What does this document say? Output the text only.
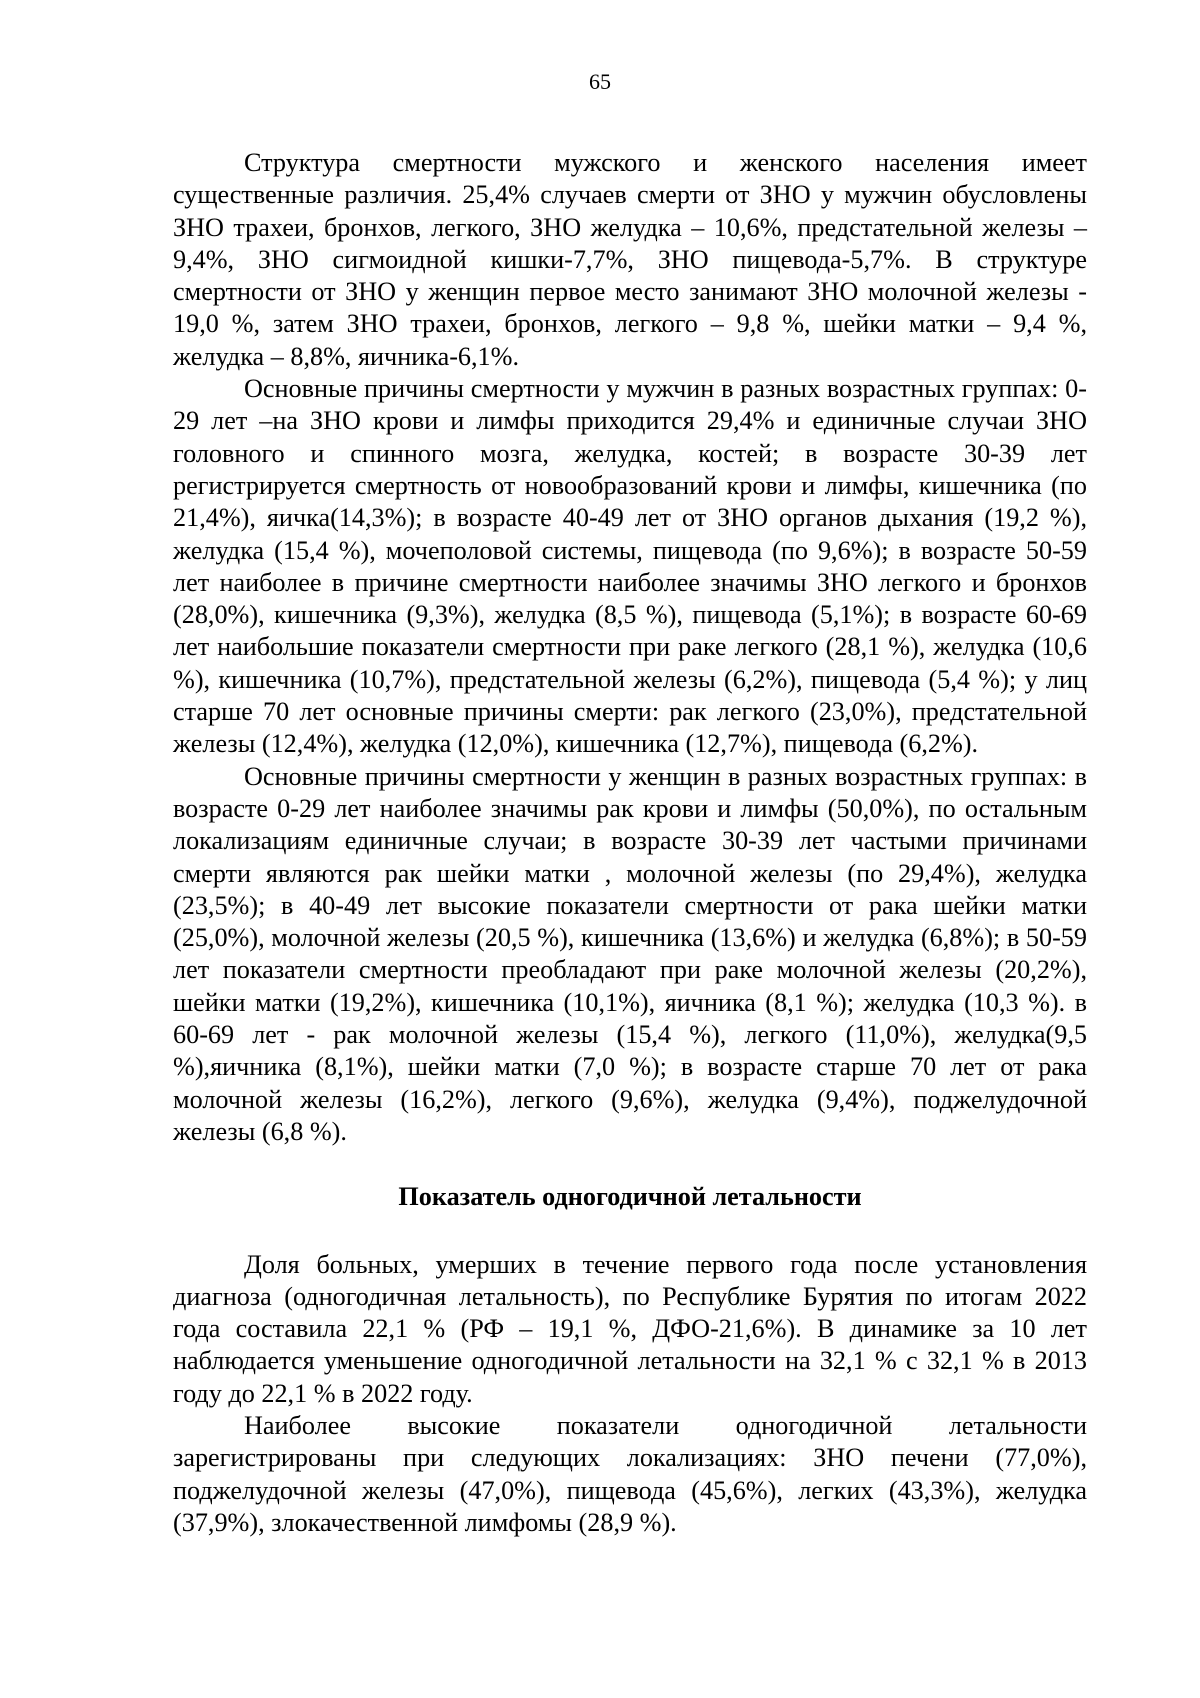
65

Структура смертности мужского и женского населения имеет существенные различия. 25,4% случаев смерти от ЗНО у мужчин обусловлены ЗНО трахеи, бронхов, легкого, ЗНО желудка – 10,6%, предстательной железы – 9,4%, ЗНО сигмоидной кишки-7,7%, ЗНО пищевода-5,7%. В структуре смертности от ЗНО у женщин первое место занимают ЗНО молочной железы - 19,0 %, затем ЗНО трахеи, бронхов, легкого – 9,8 %, шейки матки – 9,4 %, желудка – 8,8%, яичника-6,1%.

Основные причины смертности у мужчин в разных возрастных группах: 0-29 лет –на ЗНО крови и лимфы приходится 29,4% и единичные случаи ЗНО головного и спинного мозга, желудка, костей; в возрасте 30-39 лет регистрируется смертность от новообразований крови и лимфы, кишечника (по 21,4%), яичка(14,3%); в возрасте 40-49 лет от ЗНО органов дыхания (19,2 %), желудка (15,4 %), мочеполовой системы, пищевода (по 9,6%); в возрасте 50-59 лет наиболее в причине смертности наиболее значимы ЗНО легкого и бронхов (28,0%), кишечника (9,3%), желудка (8,5 %), пищевода (5,1%); в возрасте 60-69 лет наибольшие показатели смертности при раке легкого (28,1 %), желудка (10,6 %), кишечника (10,7%), предстательной железы (6,2%), пищевода (5,4 %); у лиц старше 70 лет основные причины смерти: рак легкого (23,0%), предстательной железы (12,4%), желудка (12,0%), кишечника (12,7%), пищевода (6,2%).

Основные причины смертности у женщин в разных возрастных группах: в возрасте 0-29 лет наиболее значимы рак крови и лимфы (50,0%), по остальным локализациям единичные случаи; в возрасте 30-39 лет частыми причинами смерти являются рак шейки матки , молочной железы (по 29,4%), желудка (23,5%); в 40-49 лет высокие показатели смертности от рака шейки матки (25,0%), молочной железы (20,5 %), кишечника (13,6%) и желудка (6,8%); в 50-59 лет показатели смертности преобладают при раке молочной железы (20,2%), шейки матки (19,2%), кишечника (10,1%), яичника (8,1 %); желудка (10,3 %). в 60-69 лет - рак молочной железы (15,4 %), легкого (11,0%), желудка(9,5 %),яичника (8,1%), шейки матки (7,0 %); в возрасте старше 70 лет от рака молочной железы (16,2%), легкого (9,6%), желудка (9,4%), поджелудочной железы (6,8 %).

Показатель одногодичной летальности

Доля больных, умерших в течение первого года после установления диагноза (одногодичная летальность), по Республике Бурятия по итогам 2022 года составила 22,1 % (РФ – 19,1 %, ДФО-21,6%). В динамике за 10 лет наблюдается уменьшение одногодичной летальности на 32,1 % с 32,1 % в 2013 году до 22,1 % в 2022 году.

Наиболее высокие показатели одногодичной летальности зарегистрированы при следующих локализациях: ЗНО печени (77,0%), поджелудочной железы (47,0%), пищевода (45,6%), легких (43,3%), желудка (37,9%), злокачественной лимфомы (28,9 %).
